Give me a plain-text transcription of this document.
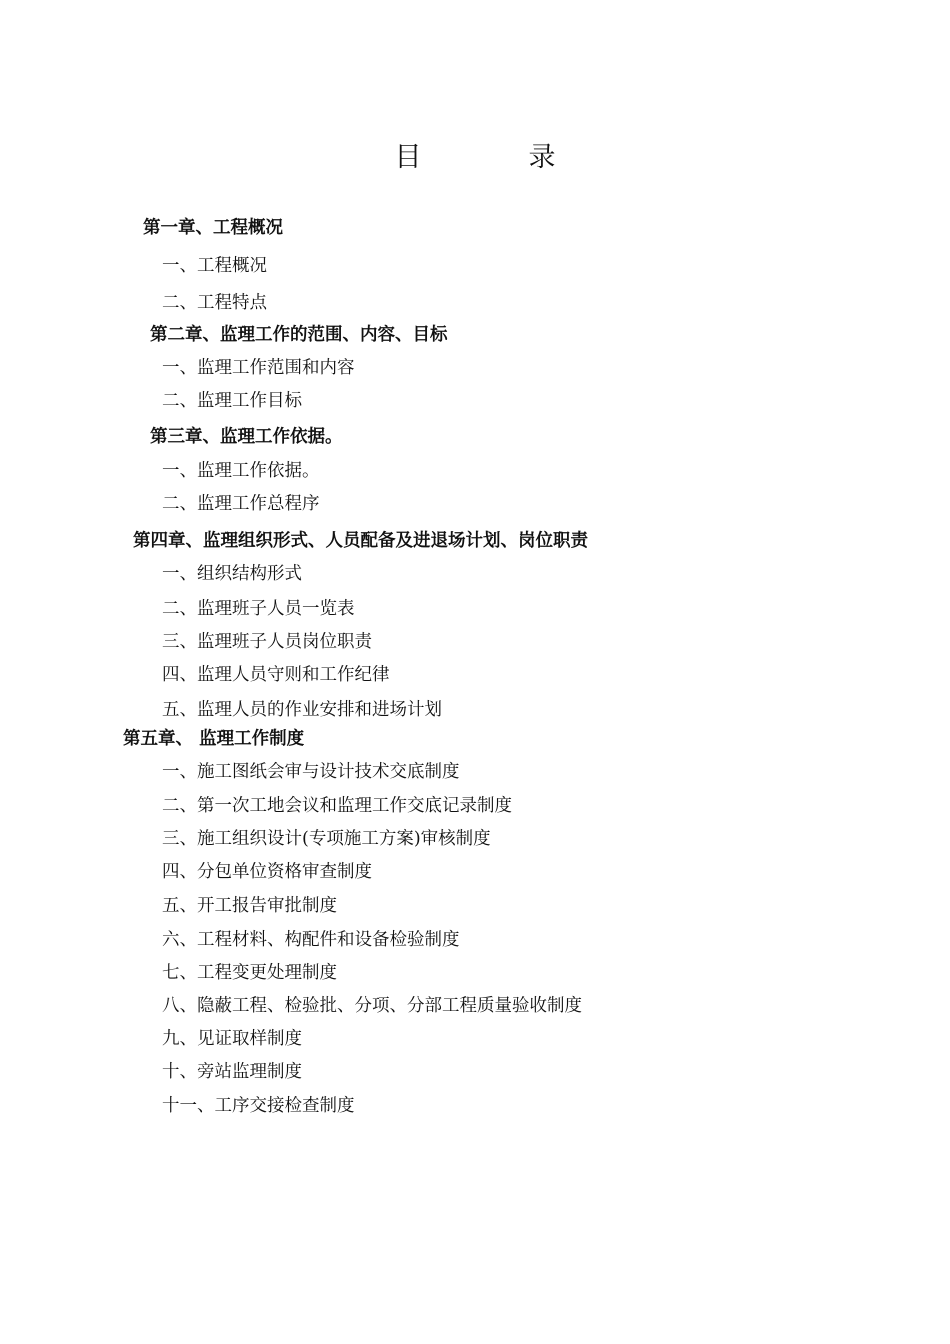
目　录
第一章、工程概况
一、工程概况
二、工程特点
第二章、监理工作的范围、内容、目标
一、监理工作范围和内容
二、监理工作目标
第三章、监理工作依据。
一、监理工作依据。
二、监理工作总程序
第四章、监理组织形式、人员配备及进退场计划、岗位职责
一、组织结构形式
二、监理班子人员一览表
三、监理班子人员岗位职责
四、监理人员守则和工作纪律
五、监理人员的作业安排和进场计划
第五章、 监理工作制度
一、施工图纸会审与设计技术交底制度
二、第一次工地会议和监理工作交底记录制度
三、施工组织设计(专项施工方案)审核制度
四、分包单位资格审查制度
五、开工报告审批制度
六、工程材料、构配件和设备检验制度
七、工程变更处理制度
八、隐蔽工程、检验批、分项、分部工程质量验收制度
九、见证取样制度
十、旁站监理制度
十一、工序交接检查制度
